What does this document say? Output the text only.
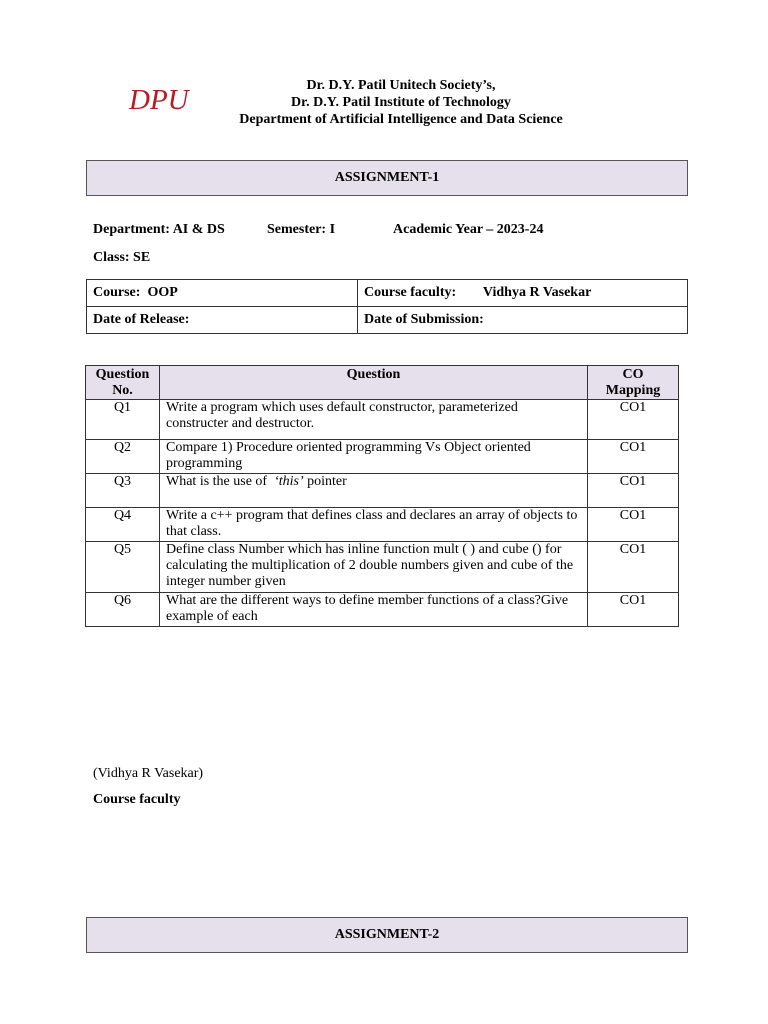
DPU	Dr. D.Y. Patil Unitech Society’s,
Dr. D.Y. Patil Institute of Technology
Department of Artificial Intelligence and Data Science
ASSIGNMENT-1
Department: AI & DS	Semester: I	Academic Year – 2023-24
Class: SE
Course: OOP	Course faculty: Vidhya R Vasekar
Date of Release:	Date of Submission:
Question No.	Question	CO Mapping
Q1	Write a program which uses default constructor, parameterized constructer and destructor.	CO1
Q2	Compare 1) Procedure oriented programming Vs Object oriented programming	CO1
Q3	What is the use of  ‘this’ pointer	CO1
Q4	Write a c++ program that defines class and declares an array of objects to that class.	CO1
Q5	Define class Number which has inline function mult ( ) and cube () for calculating the multiplication of 2 double numbers given and cube of the integer number given	CO1
Q6	What are the different ways to define member functions of a class?Give example of each	CO1
(Vidhya R Vasekar)
Course faculty
ASSIGNMENT-2
